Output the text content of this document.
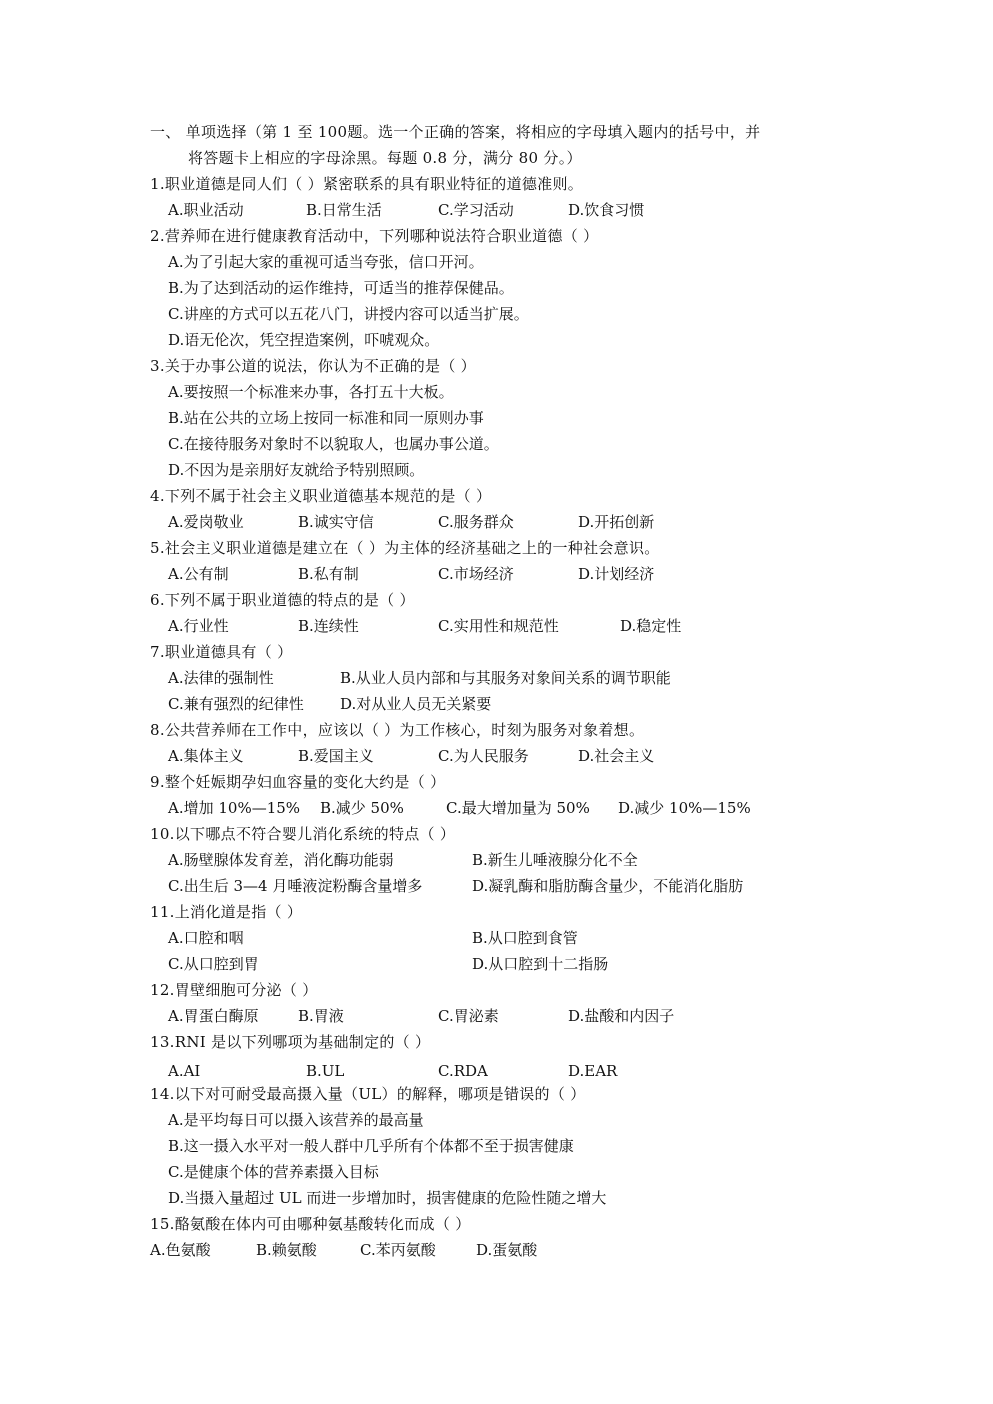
一、 单项选择（第 1 至 100题。选一个正确的答案，将相应的字母填入题内的括号中，并
将答题卡上相应的字母涂黑。每题 0.8 分，满分 80 分。）
1.职业道德是同人们（ ）紧密联系的具有职业特征的道德准则。
A.职业活动	B.日常生活	C.学习活动	D.饮食习惯
2.营养师在进行健康教育活动中，下列哪种说法符合职业道德（ ）
A.为了引起大家的重视可适当夸张，信口开河。
B.为了达到活动的运作维持，可适当的推荐保健品。
C.讲座的方式可以五花八门，讲授内容可以适当扩展。
D.语无伦次，凭空捏造案例，吓唬观众。
3.关于办事公道的说法，你认为不正确的是（ ）
A.要按照一个标准来办事，各打五十大板。
B.站在公共的立场上按同一标准和同一原则办事
C.在接待服务对象时不以貌取人，也属办事公道。
D.不因为是亲朋好友就给予特别照顾。
4.下列不属于社会主义职业道德基本规范的是（ ）
A.爱岗敬业	B.诚实守信	C.服务群众	D.开拓创新
5.社会主义职业道德是建立在（ ）为主体的经济基础之上的一种社会意识。
A.公有制	B.私有制	C.市场经济	D.计划经济
6.下列不属于职业道德的特点的是（ ）
A.行业性	B.连续性	C.实用性和规范性	D.稳定性
7.职业道德具有（ ）
A.法律的强制性	B.从业人员内部和与其服务对象间关系的调节职能
C.兼有强烈的纪律性 D.对从业人员无关紧要
8.公共营养师在工作中，应该以（ ）为工作核心，时刻为服务对象着想。
A.集体主义	B.爱国主义	C.为人民服务	D.社会主义
9.整个妊娠期孕妇血容量的变化大约是（ ）
A.增加 10%—15% B.减少 50%	C.最大增加量为 50% D.减少 10%—15%
10.以下哪点不符合婴儿消化系统的特点（ ）
A.肠壁腺体发育差，消化酶功能弱	B.新生儿唾液腺分化不全
C.出生后 3—4 月唾液淀粉酶含量增多	D.凝乳酶和脂肪酶含量少，不能消化脂肪
11.上消化道是指（ ）
A.口腔和咽	B.从口腔到食管
C.从口腔到胃	D.从口腔到十二指肠
12.胃壁细胞可分泌（ ）
A.胃蛋白酶原	B.胃液	C.胃泌素	D.盐酸和内因子
13.RNI 是以下列哪项为基础制定的（ ）
A.AI	B.UL	C.RDA	D.EAR
14.以下对可耐受最高摄入量（UL）的解释，哪项是错误的（ ）
A.是平均每日可以摄入该营养的最高量
B.这一摄入水平对一般人群中几乎所有个体都不至于损害健康
C.是健康个体的营养素摄入目标
D.当摄入量超过 UL 而进一步增加时，损害健康的危险性随之增大
15.酪氨酸在体内可由哪种氨基酸转化而成（ ）
A.色氨酸	B.赖氨酸	C.苯丙氨酸	D.蛋氨酸
